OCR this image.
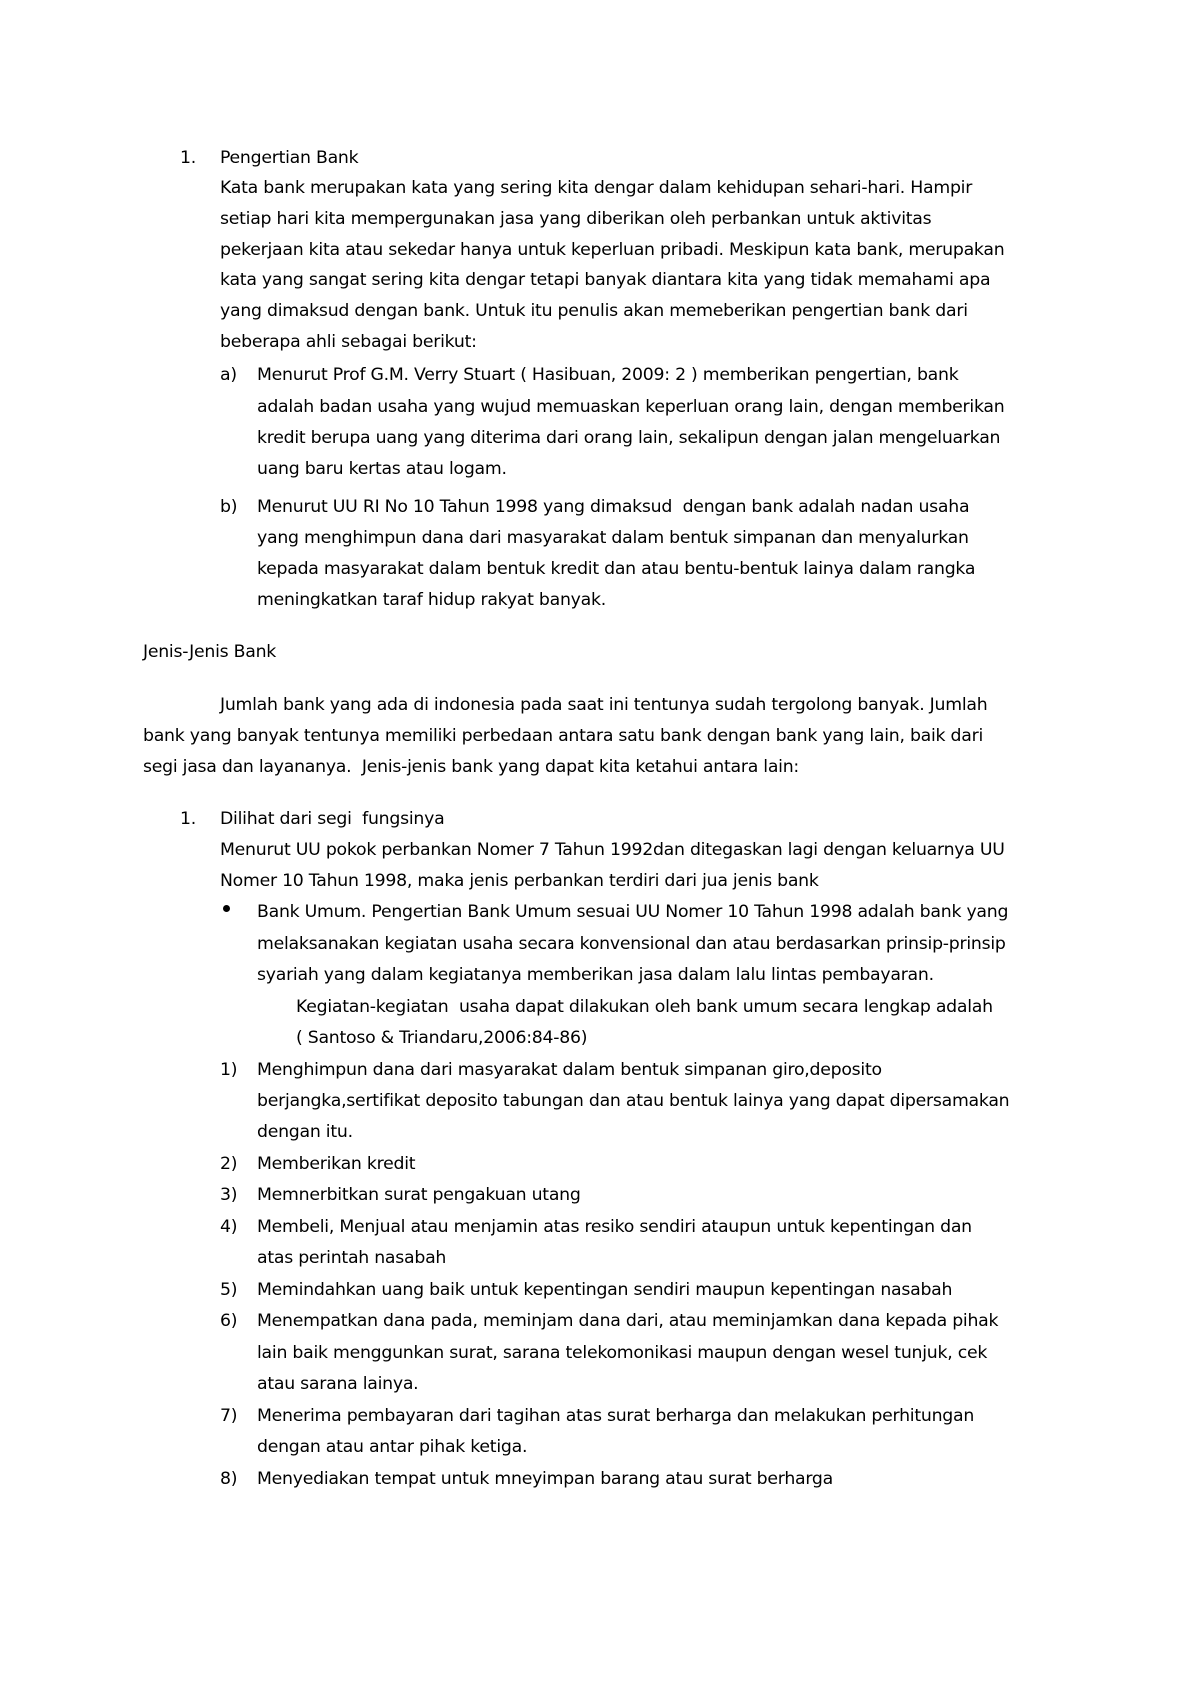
1. Pengertian Bank
Kata bank merupakan kata yang sering kita dengar dalam kehidupan sehari-hari. Hampir
setiap hari kita mempergunakan jasa yang diberikan oleh perbankan untuk aktivitas
pekerjaan kita atau sekedar hanya untuk keperluan pribadi. Meskipun kata bank, merupakan
kata yang sangat sering kita dengar tetapi banyak diantara kita yang tidak memahami apa
yang dimaksud dengan bank. Untuk itu penulis akan memeberikan pengertian bank dari
beberapa ahli sebagai berikut:
a) Menurut Prof G.M. Verry Stuart ( Hasibuan, 2009: 2 ) memberikan pengertian, bank
adalah badan usaha yang wujud memuaskan keperluan orang lain, dengan memberikan
kredit berupa uang yang diterima dari orang lain, sekalipun dengan jalan mengeluarkan
uang baru kertas atau logam.
b) Menurut UU RI No 10 Tahun 1998 yang dimaksud  dengan bank adalah nadan usaha
yang menghimpun dana dari masyarakat dalam bentuk simpanan dan menyalurkan
kepada masyarakat dalam bentuk kredit dan atau bentu-bentuk lainya dalam rangka
meningkatkan taraf hidup rakyat banyak.
Jenis-Jenis Bank
Jumlah bank yang ada di indonesia pada saat ini tentunya sudah tergolong banyak. Jumlah
bank yang banyak tentunya memiliki perbedaan antara satu bank dengan bank yang lain, baik dari
segi jasa dan layananya.  Jenis-jenis bank yang dapat kita ketahui antara lain:
1. Dilihat dari segi  fungsinya
Menurut UU pokok perbankan Nomer 7 Tahun 1992dan ditegaskan lagi dengan keluarnya UU
Nomer 10 Tahun 1998, maka jenis perbankan terdiri dari jua jenis bank
Bank Umum. Pengertian Bank Umum sesuai UU Nomer 10 Tahun 1998 adalah bank yang
melaksanakan kegiatan usaha secara konvensional dan atau berdasarkan prinsip-prinsip
syariah yang dalam kegiatanya memberikan jasa dalam lalu lintas pembayaran.
Kegiatan-kegiatan  usaha dapat dilakukan oleh bank umum secara lengkap adalah
( Santoso & Triandaru,2006:84-86)
1) Menghimpun dana dari masyarakat dalam bentuk simpanan giro,deposito
berjangka,sertifikat deposito tabungan dan atau bentuk lainya yang dapat dipersamakan
dengan itu.
2) Memberikan kredit
3) Memnerbitkan surat pengakuan utang
4) Membeli, Menjual atau menjamin atas resiko sendiri ataupun untuk kepentingan dan
atas perintah nasabah
5) Memindahkan uang baik untuk kepentingan sendiri maupun kepentingan nasabah
6) Menempatkan dana pada, meminjam dana dari, atau meminjamkan dana kepada pihak
lain baik menggunkan surat, sarana telekomonikasi maupun dengan wesel tunjuk, cek
atau sarana lainya.
7) Menerima pembayaran dari tagihan atas surat berharga dan melakukan perhitungan
dengan atau antar pihak ketiga.
8) Menyediakan tempat untuk mneyimpan barang atau surat berharga
